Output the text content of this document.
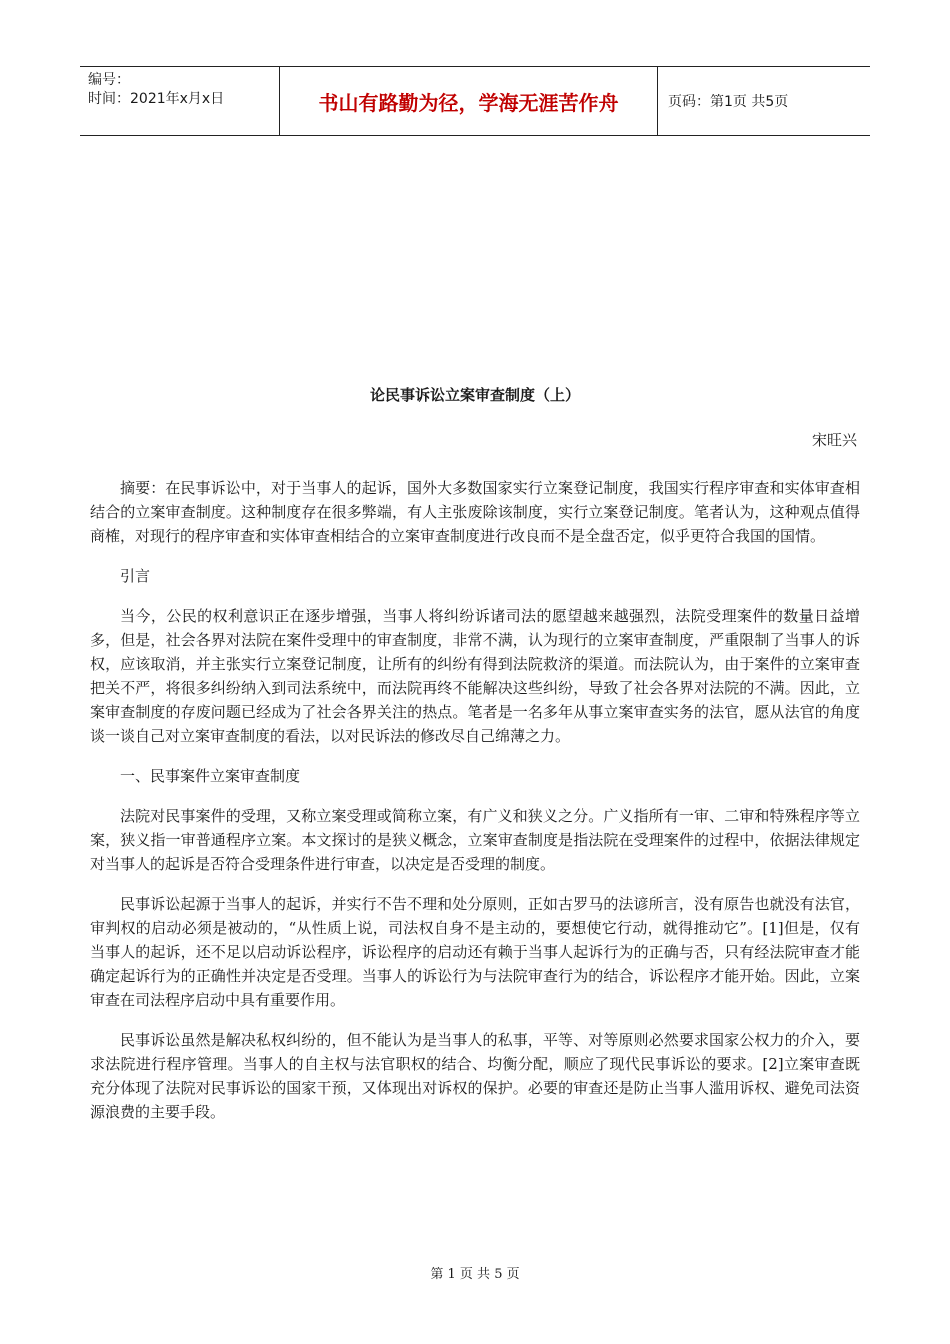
编号：
时间：2021年x月x日	书山有路勤为径，学海无涯苦作舟	页码：第1页 共5页
论民事诉讼立案审查制度（上）
宋旺兴

摘要：在民事诉讼中，对于当事人的起诉，国外大多数国家实行立案登记制度，我国实行程序审查和实体审查相结合的立案审查制度。这种制度存在很多弊端，有人主张废除该制度，实行立案登记制度。笔者认为，这种观点值得商榷，对现行的程序审查和实体审查相结合的立案审查制度进行改良而不是全盘否定，似乎更符合我国的国情。

引言

当今，公民的权利意识正在逐步增强，当事人将纠纷诉诸司法的愿望越来越强烈，法院受理案件的数量日益增多，但是，社会各界对法院在案件受理中的审查制度，非常不满，认为现行的立案审查制度，严重限制了当事人的诉权，应该取消，并主张实行立案登记制度，让所有的纠纷有得到法院救济的渠道。而法院认为，由于案件的立案审查把关不严，将很多纠纷纳入到司法系统中，而法院再终不能解决这些纠纷，导致了社会各界对法院的不满。因此，立案审查制度的存废问题已经成为了社会各界关注的热点。笔者是一名多年从事立案审查实务的法官，愿从法官的角度谈一谈自己对立案审查制度的看法，以对民诉法的修改尽自己绵薄之力。

一、民事案件立案审查制度

法院对民事案件的受理，又称立案受理或简称立案，有广义和狭义之分。广义指所有一审、二审和特殊程序等立案，狭义指一审普通程序立案。本文探讨的是狭义概念，立案审查制度是指法院在受理案件的过程中，依据法律规定对当事人的起诉是否符合受理条件进行审查，以决定是否受理的制度。

民事诉讼起源于当事人的起诉，并实行不告不理和处分原则，正如古罗马的法谚所言，没有原告也就没有法官，审判权的启动必须是被动的，“从性质上说，司法权自身不是主动的，要想使它行动，就得推动它”。[1]但是，仅有当事人的起诉，还不足以启动诉讼程序，诉讼程序的启动还有赖于当事人起诉行为的正确与否，只有经法院审查才能确定起诉行为的正确性并决定是否受理。当事人的诉讼行为与法院审查行为的结合，诉讼程序才能开始。因此，立案审查在司法程序启动中具有重要作用。

民事诉讼虽然是解决私权纠纷的，但不能认为是当事人的私事，平等、对等原则必然要求国家公权力的介入，要求法院进行程序管理。当事人的自主权与法官职权的结合、均衡分配，顺应了现代民事诉讼的要求。[2]立案审查既充分体现了法院对民事诉讼的国家干预，又体现出对诉权的保护。必要的审查还是防止当事人滥用诉权、避免司法资源浪费的主要手段。

第 1 页 共 5 页
